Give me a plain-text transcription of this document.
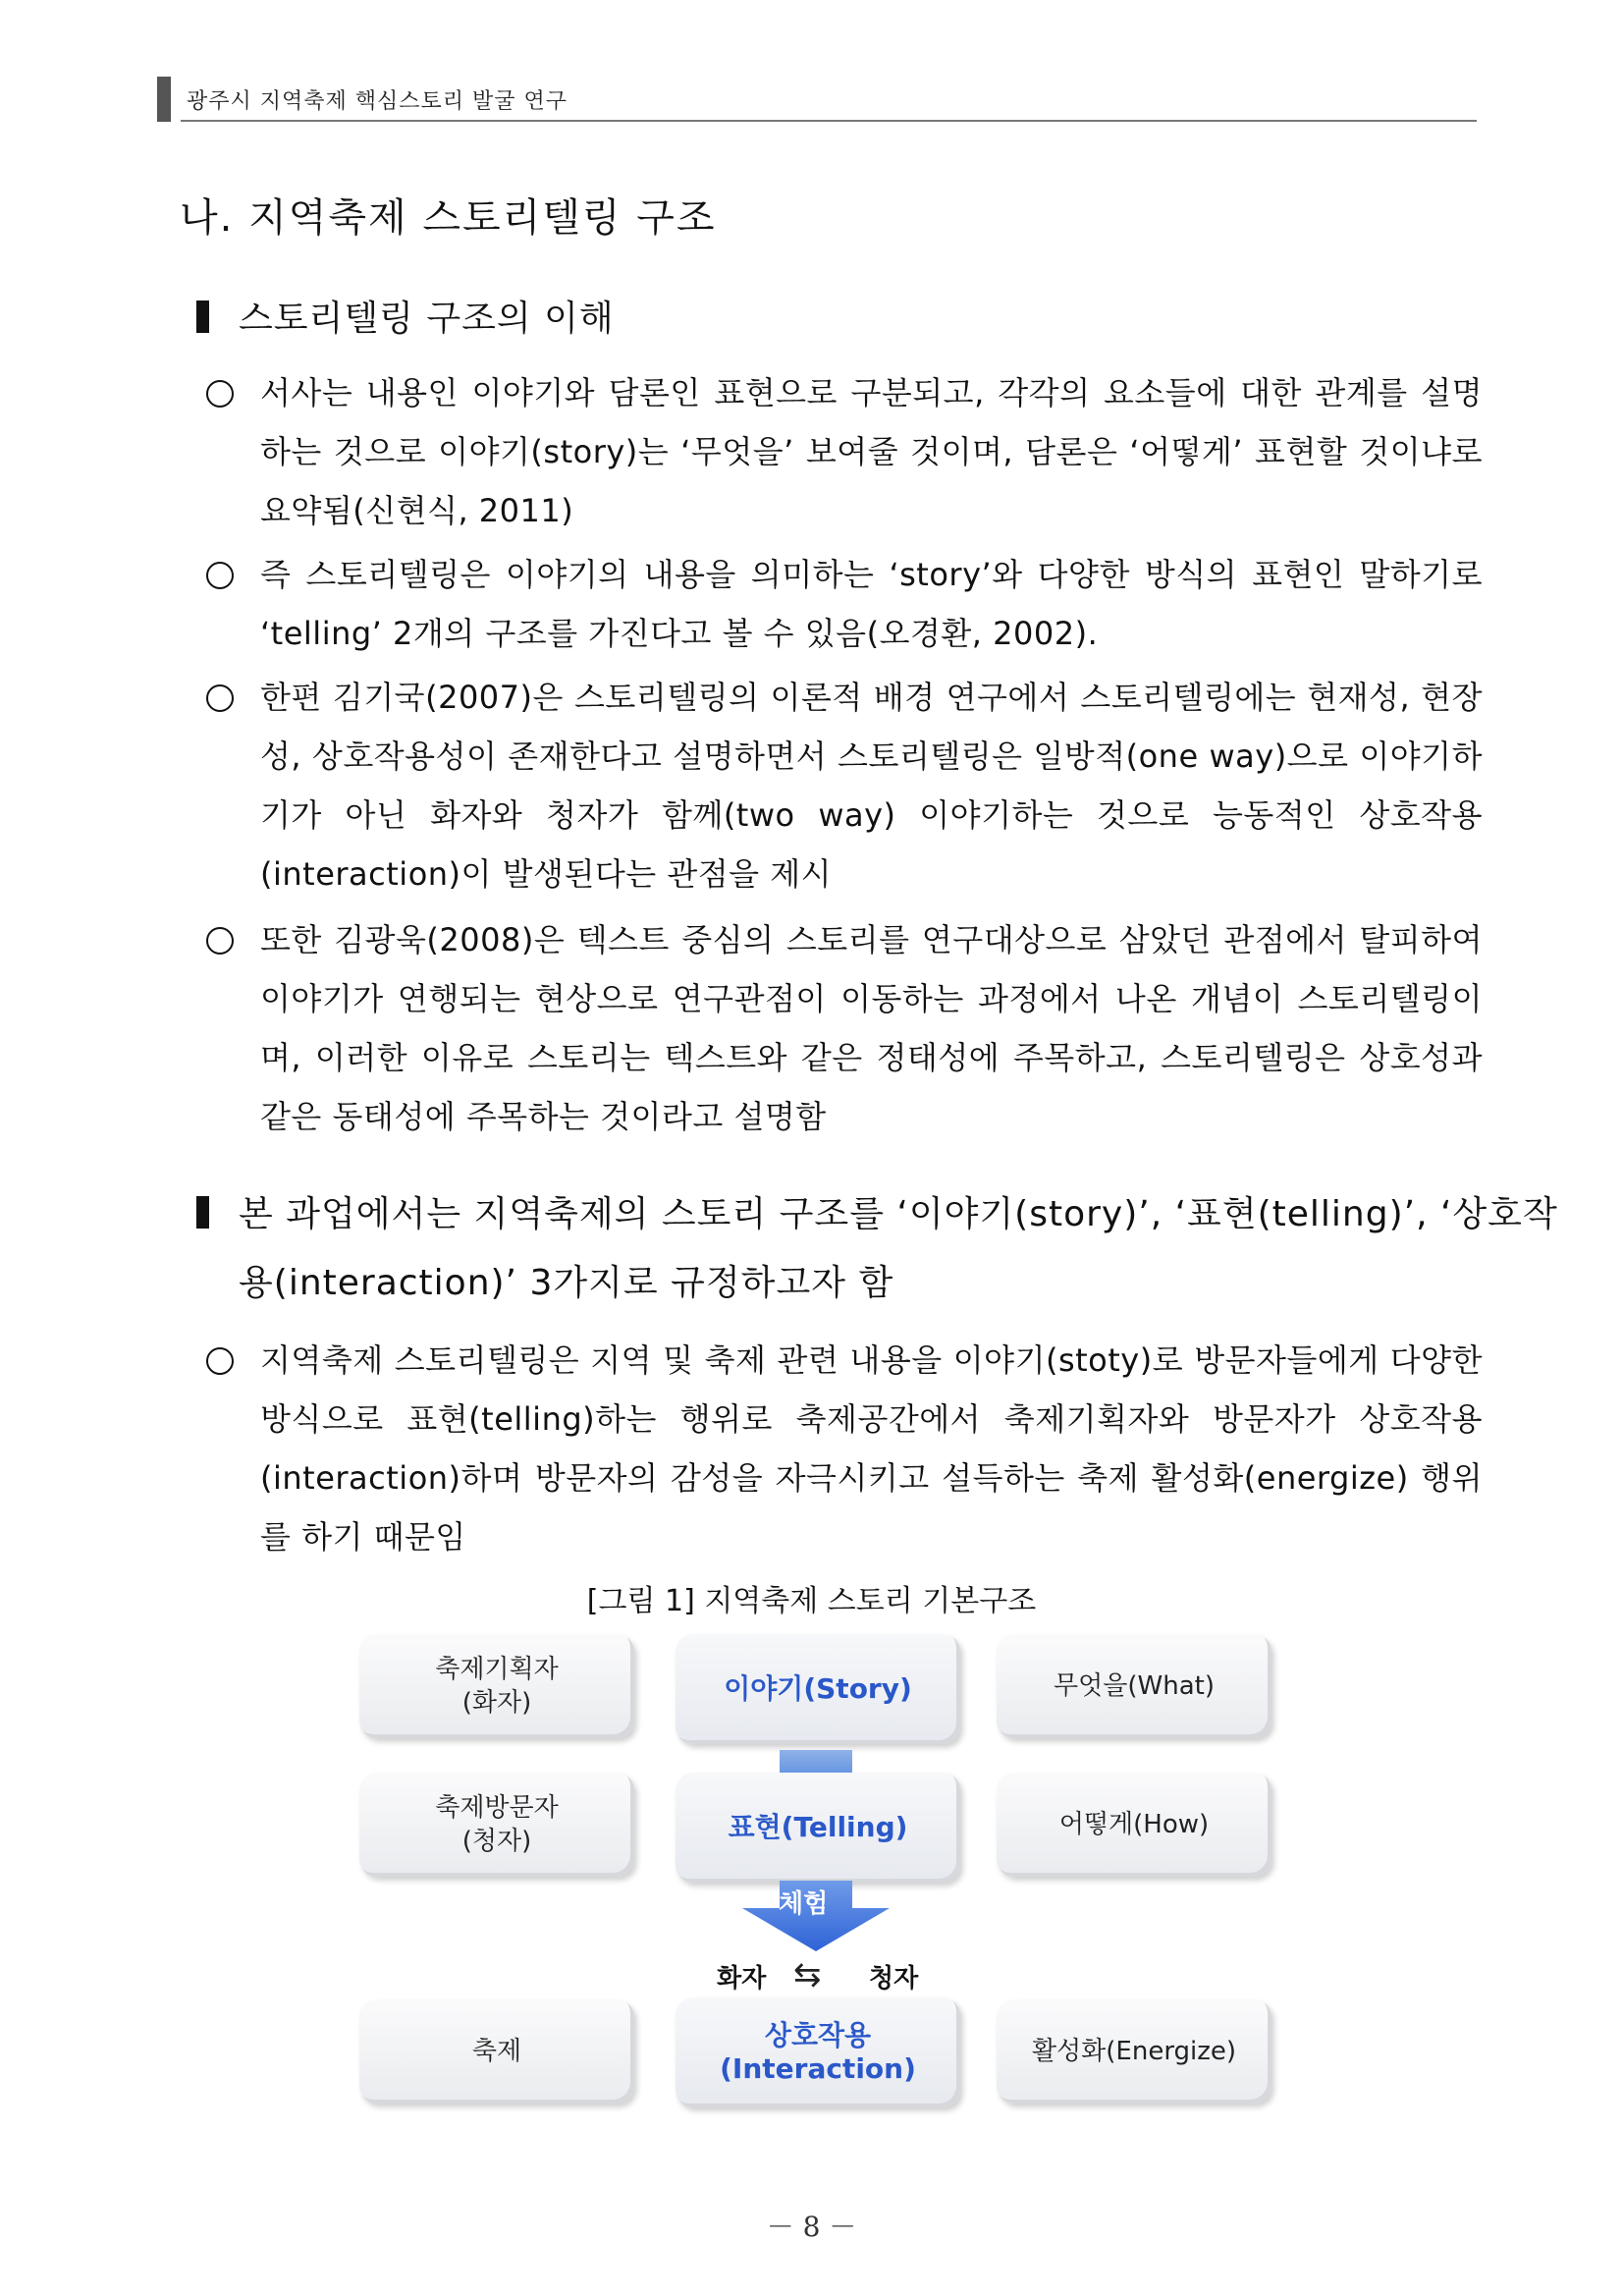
광주시 지역축제 핵심스토리 발굴 연구
나. 지역축제 스토리텔링 구조
스토리텔링 구조의 이해
서사는 내용인 이야기와 담론인 표현으로 구분되고, 각각의 요소들에 대한 관계를 설명하는 것으로 이야기(story)는 ‘무엇을’ 보여줄 것이며, 담론은 ‘어떻게’ 표현할 것이냐로 요약됨(신현식, 2011)
즉 스토리텔링은 이야기의 내용을 의미하는 ‘story’와 다양한 방식의 표현인 말하기로 ‘telling’ 2개의 구조를 가진다고 볼 수 있음(오경환, 2002).
한편 김기국(2007)은 스토리텔링의 이론적 배경 연구에서 스토리텔링에는 현재성, 현장성, 상호작용성이 존재한다고 설명하면서 스토리텔링은 일방적(one way)으로 이야기하기가 아닌 화자와 청자가 함께(two way) 이야기하는 것으로 능동적인 상호작용(interaction)이 발생된다는 관점을 제시
또한 김광욱(2008)은 텍스트 중심의 스토리를 연구대상으로 삼았던 관점에서 탈피하여 이야기가 연행되는 현상으로 연구관점이 이동하는 과정에서 나온 개념이 스토리텔링이며, 이러한 이유로 스토리는 텍스트와 같은 정태성에 주목하고, 스토리텔링은 상호성과 같은 동태성에 주목하는 것이라고 설명함
본 과업에서는 지역축제의 스토리 구조를 ‘이야기(story)’, ‘표현(telling)’, ‘상호작
용(interaction)’ 3가지로 규정하고자 함
지역축제 스토리텔링은 지역 및 축제 관련 내용을 이야기(stoty)로 방문자들에게 다양한 방식으로 표현(telling)하는 행위로 축제공간에서 축제기획자와 방문자가 상호작용(interaction)하며 방문자의 감성을 자극시키고 설득하는 축제 활성화(energize) 행위를 하기 때문임
[그림 1] 지역축제 스토리 기본구조
축제기획자
(화자)	이야기(Story)	무엇을(What)
축제방문자
(청자)	표현(Telling)	어떻게(How)
체험
화자 ⇆ 청자
축제	상호작용(Interaction)
활성화(Energize)
－ 8 －
